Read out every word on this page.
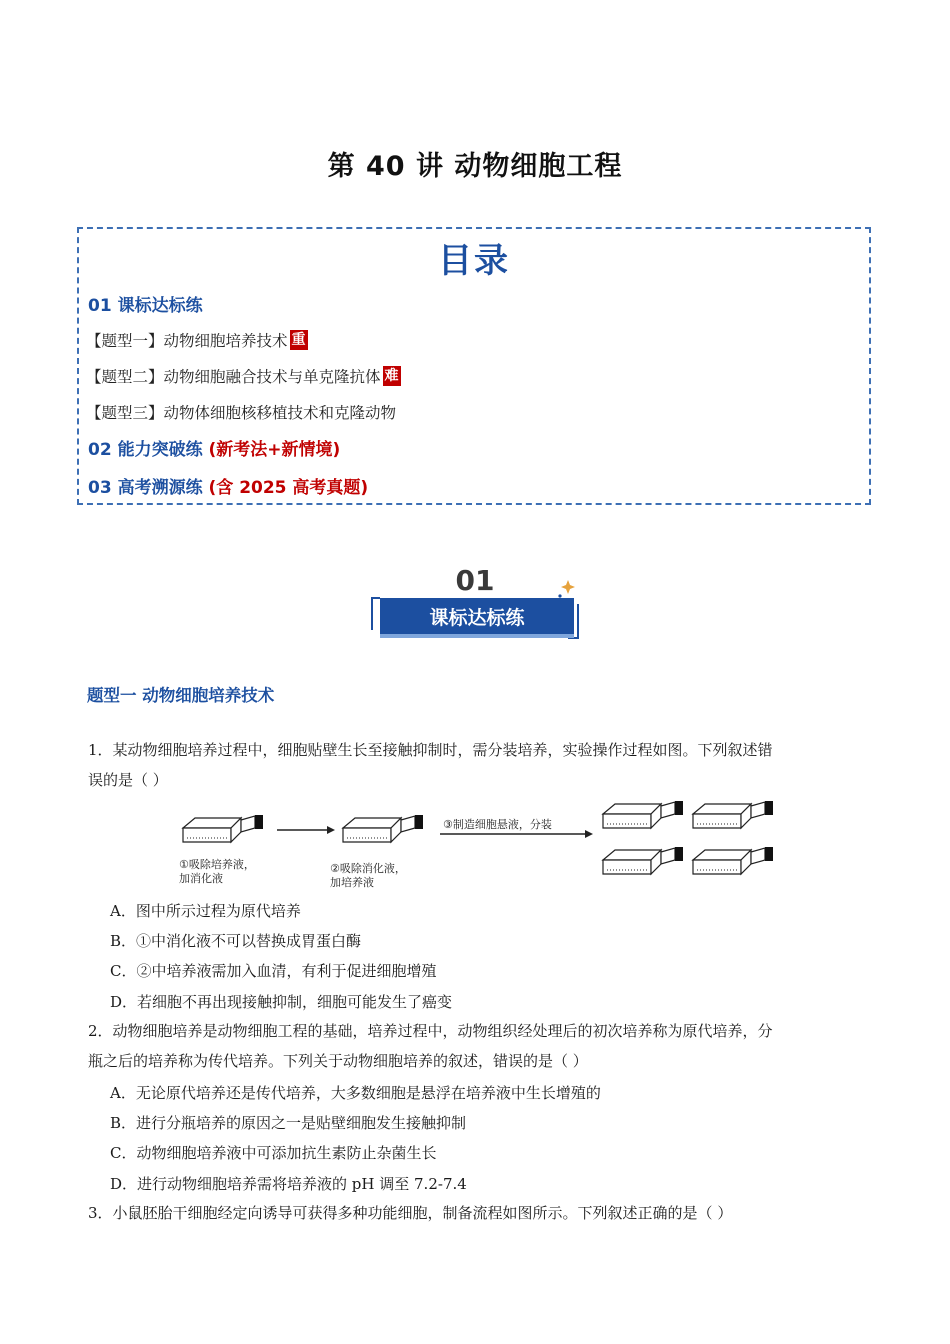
第 40 讲 动物细胞工程
目录
01 课标达标练
【题型一】动物细胞培养技术 重
【题型二】动物细胞融合技术与单克隆抗体 难
【题型三】动物体细胞核移植技术和克隆动物
02 能力突破练 (新考法+新情境)
03 高考溯源练 (含 2025 高考真题)
01
课标达标练
题型一 动物细胞培养技术
1．某动物细胞培养过程中，细胞贴壁生长至接触抑制时，需分装培养，实验操作过程如图。下列叙述错
误的是（ ）
③制造细胞悬液，分装
①吸除培养液，
加消化液
②吸除消化液，
加培养液
A．图中所示过程为原代培养
B．①中消化液不可以替换成胃蛋白酶
C．②中培养液需加入血清，有利于促进细胞增殖
D．若细胞不再出现接触抑制，细胞可能发生了癌变
2．动物细胞培养是动物细胞工程的基础，培养过程中，动物组织经处理后的初次培养称为原代培养，分
瓶之后的培养称为传代培养。下列关于动物细胞培养的叙述，错误的是（ ）
A．无论原代培养还是传代培养，大多数细胞是悬浮在培养液中生长增殖的
B．进行分瓶培养的原因之一是贴壁细胞发生接触抑制
C．动物细胞培养液中可添加抗生素防止杂菌生长
D．进行动物细胞培养需将培养液的 pH 调至 7.2-7.4
3．小鼠胚胎干细胞经定向诱导可获得多种功能细胞，制备流程如图所示。下列叙述正确的是（ ）
